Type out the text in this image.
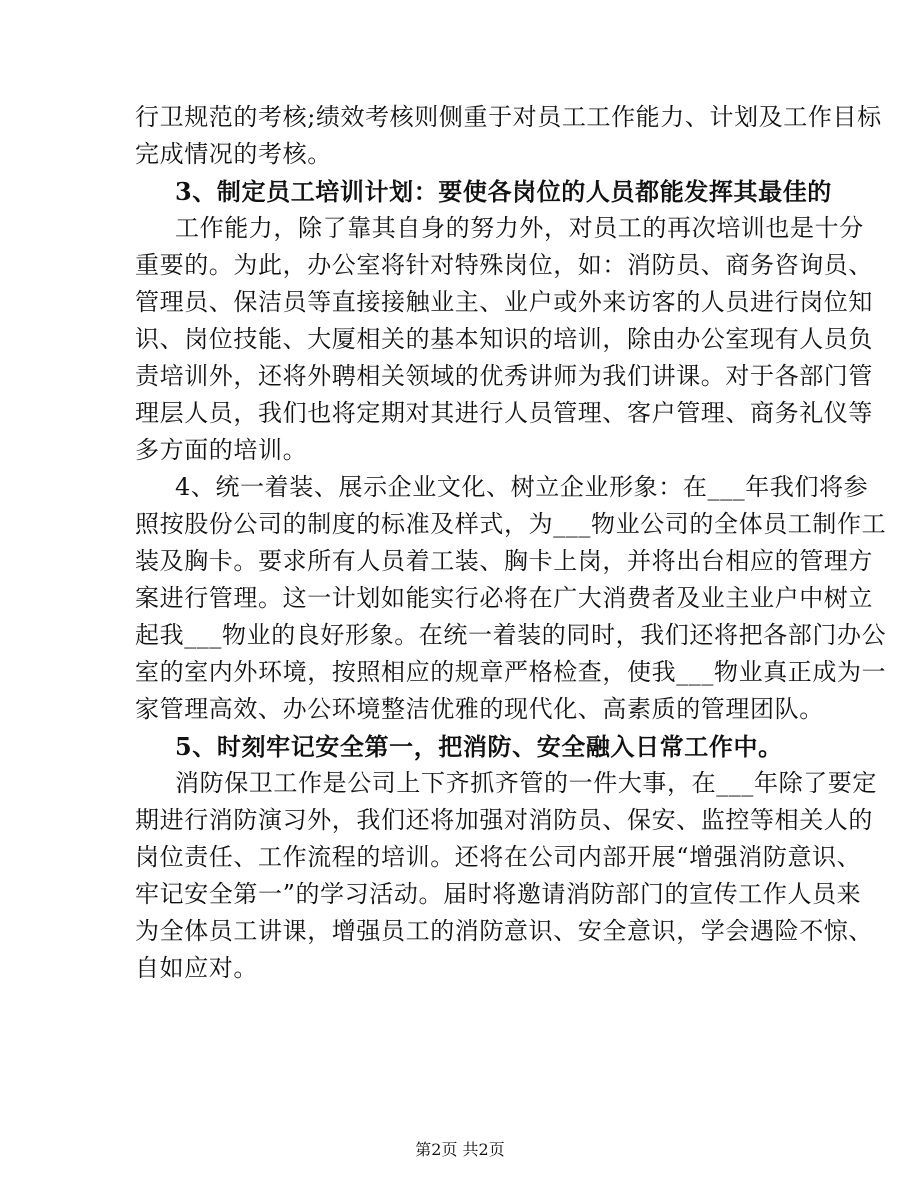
行卫规范的考核;绩效考核则侧重于对员工工作能力、计划及工作目标
完成情况的考核。
3、制定员工培训计划：要使各岗位的人员都能发挥其最佳的
工作能力，除了靠其自身的努力外，对员工的再次培训也是十分
重要的。为此，办公室将针对特殊岗位，如：消防员、商务咨询员、
管理员、保洁员等直接接触业主、业户或外来访客的人员进行岗位知
识、岗位技能、大厦相关的基本知识的培训，除由办公室现有人员负
责培训外，还将外聘相关领域的优秀讲师为我们讲课。对于各部门管
理层人员，我们也将定期对其进行人员管理、客户管理、商务礼仪等
多方面的培训。
4、统一着装、展示企业文化、树立企业形象：在___年我们将参
照按股份公司的制度的标准及样式，为___物业公司的全体员工制作工
装及胸卡。要求所有人员着工装、胸卡上岗，并将出台相应的管理方
案进行管理。这一计划如能实行必将在广大消费者及业主业户中树立
起我___物业的良好形象。在统一着装的同时，我们还将把各部门办公
室的室内外环境，按照相应的规章严格检查，使我___物业真正成为一
家管理高效、办公环境整洁优雅的现代化、高素质的管理团队。
5、时刻牢记安全第一，把消防、安全融入日常工作中。
消防保卫工作是公司上下齐抓齐管的一件大事，在___年除了要定
期进行消防演习外，我们还将加强对消防员、保安、监控等相关人的
岗位责任、工作流程的培训。还将在公司内部开展“增强消防意识、
牢记安全第一”的学习活动。届时将邀请消防部门的宣传工作人员来
为全体员工讲课，增强员工的消防意识、安全意识，学会遇险不惊、
自如应对。
第2页 共2页
